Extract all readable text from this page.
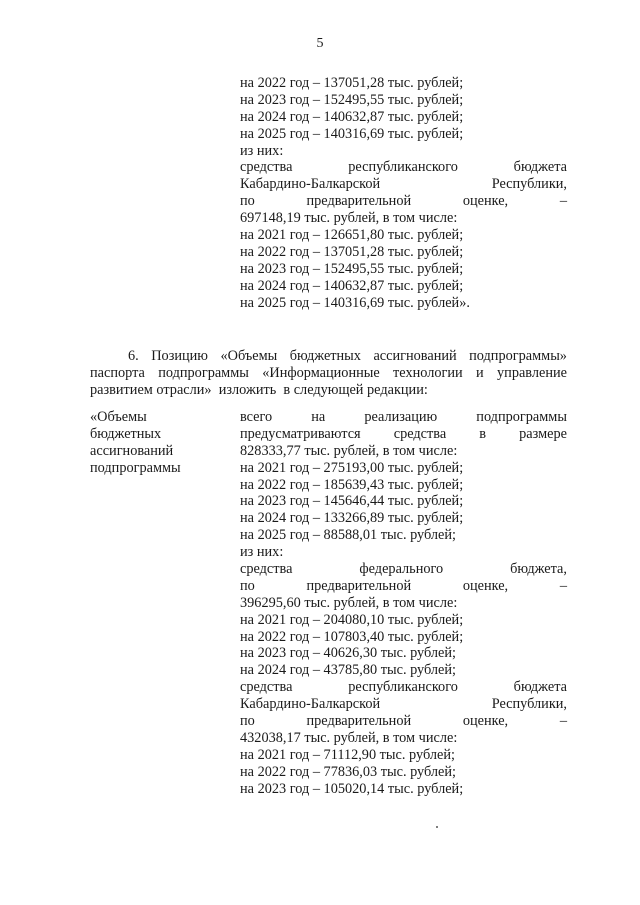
5
на 2022 год – 137051,28 тыс. рублей;
на 2023 год – 152495,55 тыс. рублей;
на 2024 год – 140632,87 тыс. рублей;
на 2025 год – 140316,69 тыс. рублей;
из них:
средства	республиканского	бюджета
Кабардино-Балкарской	Республики,
по	предварительной	оценке,	–
697148,19 тыс. рублей, в том числе:
на 2021 год – 126651,80 тыс. рублей;
на 2022 год – 137051,28 тыс. рублей;
на 2023 год – 152495,55 тыс. рублей;
на 2024 год – 140632,87 тыс. рублей;
на 2025 год – 140316,69 тыс. рублей».
6. Позицию «Объемы бюджетных ассигнований подпрограммы»
паспорта подпрограммы «Информационные технологии и управление
развитием отрасли»  изложить  в следующей редакции:
«Объемы
бюджетных
ассигнований
подпрограммы
всего	на	реализацию	подпрограммы
предусматриваются средства в размере
828333,77 тыс. рублей, в том числе:
на 2021 год – 275193,00 тыс. рублей;
на 2022 год – 185639,43 тыс. рублей;
на 2023 год – 145646,44 тыс. рублей;
на 2024 год – 133266,89 тыс. рублей;
на 2025 год – 88588,01 тыс. рублей;
из них:
средства	федерального	бюджета,
по	предварительной	оценке,	–
396295,60 тыс. рублей, в том числе:
на 2021 год – 204080,10 тыс. рублей;
на 2022 год – 107803,40 тыс. рублей;
на 2023 год – 40626,30 тыс. рублей;
на 2024 год – 43785,80 тыс. рублей;
средства	республиканского	бюджета
Кабардино-Балкарской	Республики,
по	предварительной	оценке,	–
432038,17 тыс. рублей, в том числе:
на 2021 год – 71112,90 тыс. рублей;
на 2022 год – 77836,03 тыс. рублей;
на 2023 год – 105020,14 тыс. рублей;
